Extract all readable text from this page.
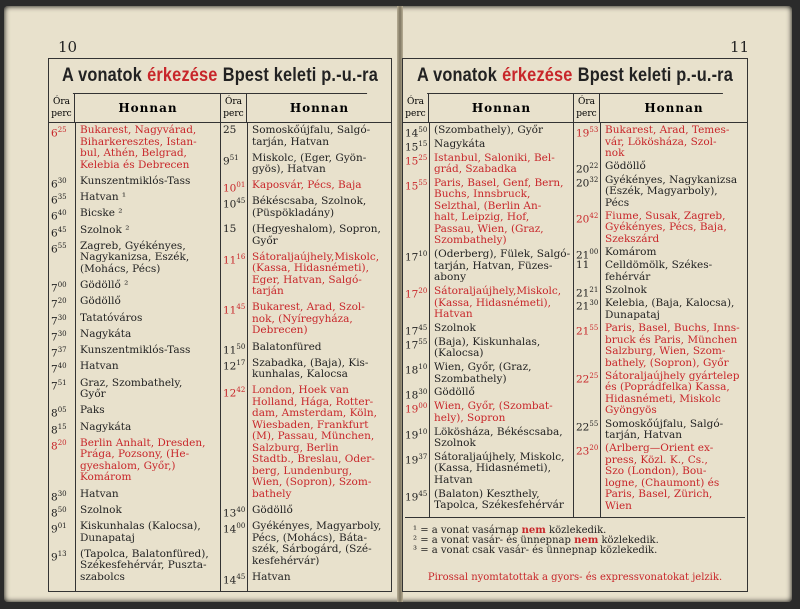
10	11
A vonatok érkezése Bpest keleti p.-u.-ra
Óra perc	Honnan
$6^{25}$	Bukarest, Nagyvárad,
Biharkeresztes, Istan-
bul, Athén, Belgrad,
Kelebia és Debrecen
$6^{30}$	Kunszentmiklós-Tass
$6^{35}$	Hatvan ¹
$6^{40}$	Bicske ²
$6^{45}$	Szolnok ²
$6^{55}$	Zagreb, Gyékényes,
Nagykanizsa, Eszék,
(Mohács, Pécs)
$7^{00}$	Gödöllő ²
$7^{20}$	Gödöllő
$7^{30}$	Tatatóváros
$7^{30}$	Nagykáta
$7^{37}$	Kunszentmiklós-Tass
$7^{40}$	Hatvan
$7^{51}$	Graz, Szombathely,
Győr
$8^{05}$	Paks
$8^{15}$	Nagykáta
$8^{20}$	Berlin Anhalt, Dresden,
Prága, Pozsony, (He-
gyeshalom, Győr,)
Komárom
$8^{30}$	Hatvan
$8^{50}$	Szolnok
$9^{01}$	Kiskunhalas (Kalocsa),
Dunapataj
$9^{13}$	(Tapolca, Balatonfüred),
Székesfehérvár, Puszta-
szabolcs
Óra perc	Honnan
25	Somoskőújfalu, Salgó-
tarján, Hatvan
$9^{51}$	Miskolc, (Eger, Gyön-
gyös), Hatvan
$10^{01}$ Kaposvár, Pécs, Baja
$10^{45}$ Békéscsaba, Szolnok,
(Püspökladány)
15	(Hegyeshalom), Sopron,
Győr
$11^{16}$ Sátoraljaújhely,Miskolc,
(Kassa, Hidasnémeti),
Eger, Hatvan, Salgó-
tarján
$11^{45}$ Bukarest, Arad, Szol-
nok, (Nyíregyháza,
Debrecen)
$11^{50}$ Balatonfüred
$12^{17}$ Szabadka, (Baja), Kis-
kunhalas, Kalocsa
$12^{42}$ London, Hoek van
Holland, Hága, Rotter-
dam, Amsterdam, Köln,
Wiesbaden, Frankfurt
(M), Passau, München,
Salzburg, Berlin
Stadtb., Breslau, Oder-
berg, Lundenburg,
Wien, (Sopron), Szom-
bathely
$13^{40}$ Gödöllő
$14^{00}$ Gyékényes, Magyarboly,
Pécs, (Mohács), Báta-
szék, Sárbogárd, (Szé-
kesfehérvár)
$14^{45}$ Hatvan
A vonatok érkezése Bpest keleti p.-u.-ra
Óra perc	Honnan
$14^{50}$ (Szombathely), Győr
$15^{15}$ Nagykáta
$15^{25}$ Istanbul, Saloniki, Bel-
grád, Szabadka
$15^{55}$ Paris, Basel, Genf, Bern,
Buchs, Innsbruck,
Selzthal, (Berlin An-
halt, Leipzig, Hof,
Passau, Wien, (Graz,
Szombathely)
$17^{10}$ (Oderberg), Fülek, Salgó-
tarján, Hatvan, Füzes-
abony
$17^{20}$ Sátoraljaújhely,Miskolc,
(Kassa, Hidasnémeti),
Hatvan
$17^{45}$ Szolnok
$17^{55}$ (Baja), Kiskunhalas,
(Kalocsa)
$18^{10}$ Wien, Győr, (Graz,
Szombathely)
$18^{30}$ Gödöllő
$19^{00}$ Wien, Győr, (Szombat-
hely), Sopron
$19^{10}$ Lökösháza, Békéscsaba,
Szolnok
$19^{37}$ Sátoraljaújhely, Miskolc,
(Kassa, Hidasnémeti),
Hatvan
$19^{45}$ (Balaton) Keszthely,
Tapolca, Székesfehérvár
Óra perc	Honnan
$19^{53}$ Bukarest, Arad, Temes-
vár, Lökösháza, Szol-
nok
$20^{22}$ Gödöllő
$20^{32}$ Gyékényes, Nagykanizsa
(Eszék, Magyarboly),
Pécs
$20^{42}$ Fiume, Susak, Zagreb,
Gyékényes, Pécs, Baja,
Szekszárd
$21^{00}$ Komárom
11	Celldömölk, Székes-
fehérvár
$21^{21}$ Szolnok
$21^{30}$ Kelebia, (Baja, Kalocsa),
Dunapataj
$21^{55}$ Paris, Basel, Buchs, Inns-
bruck és Paris, München
Salzburg, Wien, Szom-
bathely, (Sopron), Győr
$22^{25}$ Sátoraljaújhely gyártelep
és (Poprádfelka) Kassa,
Hidasnémeti, Miskolc
Gyöngyös
$22^{55}$ Somoskőújfalu, Salgó-
tarján, Hatvan
$23^{20}$ (Arlberg—Orient ex-
press, Közl. K., Cs.,
Szo (London), Bou-
logne, (Chaumont) és
Paris, Basel, Zürich,
Wien
¹ = a vonat vasárnap nem közlekedik.
² = a vonat vasár- és ünnepnap nem közlekedik.
³ = a vonat csak vasár- és ünnepnap közlekedik.
Pirossal nyomtatottak a gyors- és expressvonatokat jelzik.
